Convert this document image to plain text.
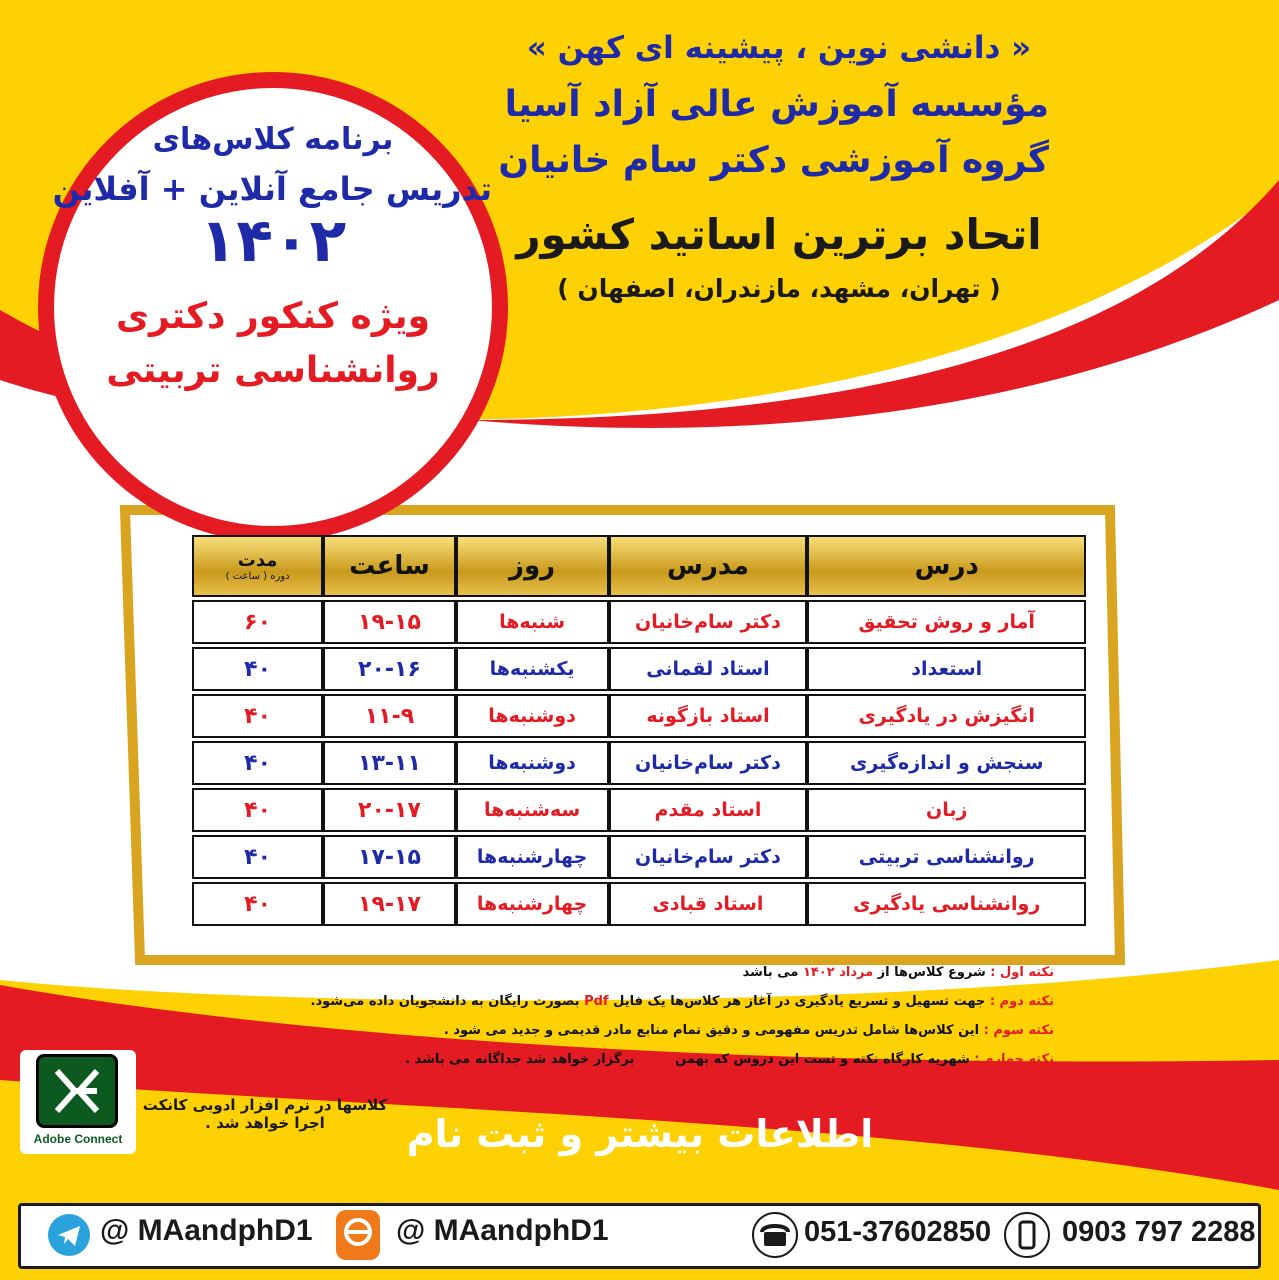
« دانشی نوین ، پیشینه ای کهن »
مؤسسه آموزش عالی آزاد آسیا
گروه آموزشی دکتر سام خانیان
اتحاد برترین اساتید کشور
( تهران، مشهد، مازندران، اصفهان )
برنامه کلاس‌های
تدریس جامع آنلاین + آفلاین
۱۴۰۲
ویژه کنکور دکتری
روانشناسی تربیتی
درس	مدرس	روز	ساعت	مدت
دوره ( ساعت )

آمار و روش تحقیق	دکتر سام‌خانیان	شنبه‌ها	۱۹-۱۵	۶۰
استعداد	استاد لقمانی	یکشنبه‌ها	۲۰-۱۶	۴۰
انگیزش در یادگیری	استاد بازگونه	دوشنبه‌ها	۱۱-۹	۴۰
سنجش و اندازه‌گیری	دکتر سام‌خانیان	دوشنبه‌ها	۱۳-۱۱	۴۰
زبان	استاد مقدم	سه‌شنبه‌ها	۲۰-۱۷	۴۰
روانشناسی تربیتی	دکتر سام‌خانیان	چهارشنبه‌ها	۱۷-۱۵	۴۰
روانشناسی یادگیری	استاد قبادی	چهارشنبه‌ها	۱۹-۱۷	۴۰
نکته اول : شروع کلاس‌ها از مرداد ۱۴۰۲ می باشد
نکته دوم : جهت تسهیل و تسریع یادگیری در آغاز هر کلاس‌ها یک فایل Pdf بصورت رایگان به دانشجویان داده می‌شود.
نکته سوم : این کلاس‌ها شامل تدریس مفهومی و دقیق تمام منابع مادر قدیمی و جدید می شود .
نکته چهارم : شهریه کارگاه نکته و تست این دروس که بهمن ۱۴۰۲ برگزار خواهد شد جداگانه می باشد .
Adobe Connect
کلاسها در نرم افزار ادوبی کانکت
اجرا خواهد شد .	اطلاعات بیشتر و ثبت نام
@ MAandphD1	@ MAandphD1	051-37602850 0903 797 2288
